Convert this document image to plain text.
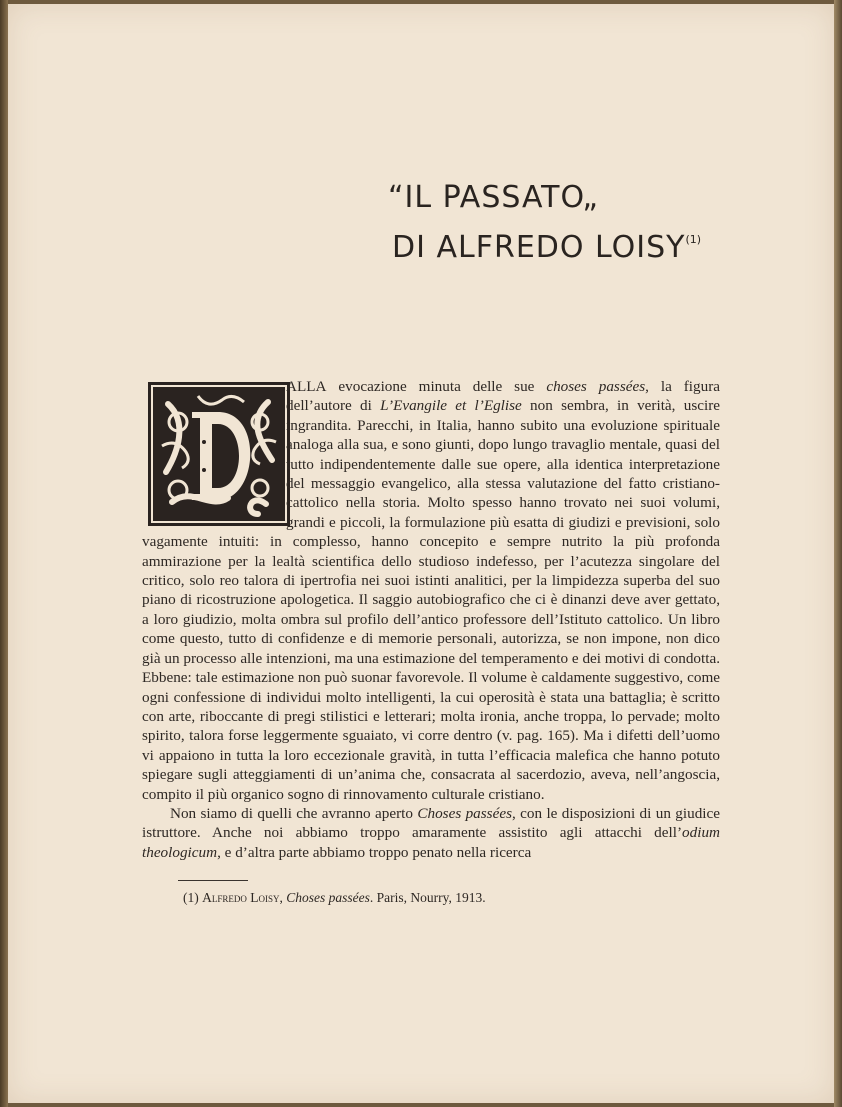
“IL PASSATO„
DI ALFREDO LOISY$^{(1)}$

ALLA evocazione minuta delle sue choses passées, la figura dell’autore di L’Evangile et l’Eglise non sembra, in verità, uscire ingrandita. Parecchi, in Italia, hanno subito una evoluzione spirituale analoga alla sua, e sono giunti, dopo lungo travaglio mentale, quasi del tutto indipendentemente dalle sue opere, alla identica interpretazione del messaggio evangelico, alla stessa valutazione del fatto cristiano-cattolico nella storia. Molto spesso hanno trovato nei suoi volumi, grandi e piccoli, la formulazione più esatta di giudizi e previsioni, solo vagamente intuiti: in complesso, hanno concepito e sempre nutrito la più profonda ammirazione per la lealtà scientifica dello studioso indefesso, per l’acutezza singolare del critico, solo reo talora di ipertrofia nei suoi istinti analitici, per la limpidezza superba del suo piano di ricostruzione apologetica. Il saggio autobiografico che ci è dinanzi deve aver gettato, a loro giudizio, molta ombra sul profilo dell’antico professore dell’Istituto cattolico. Un libro come questo, tutto di confidenze e di memorie personali, autorizza, se non impone, non dico già un processo alle intenzioni, ma una estimazione del temperamento e dei motivi di condotta. Ebbene: tale estimazione non può suonar favorevole. Il volume è caldamente suggestivo, come ogni confessione di individui molto intelligenti, la cui operosità è stata una battaglia; è scritto con arte, riboccante di pregi stilistici e letterari; molta ironia, anche troppa, lo pervade; molto spirito, talora forse leggermente sguaiato, vi corre dentro (v. pag. 165). Ma i difetti dell’uomo vi appaiono in tutta la loro eccezionale gravità, in tutta l’efficacia malefica che hanno potuto spiegare sugli atteggiamenti di un’anima che, consacrata al sacerdozio, aveva, nell’angoscia, compito il più organico sogno di rinnovamento culturale cristiano.

Non siamo di quelli che avranno aperto Choses passées, con le disposizioni di un giudice istruttore. Anche noi abbiamo troppo amaramente assistito agli attacchi dell’odium theologicum, e d’altra parte abbiamo troppo penato nella ricerca

(1) Alfredo Loisy, Choses passées. Paris, Nourry, 1913.
